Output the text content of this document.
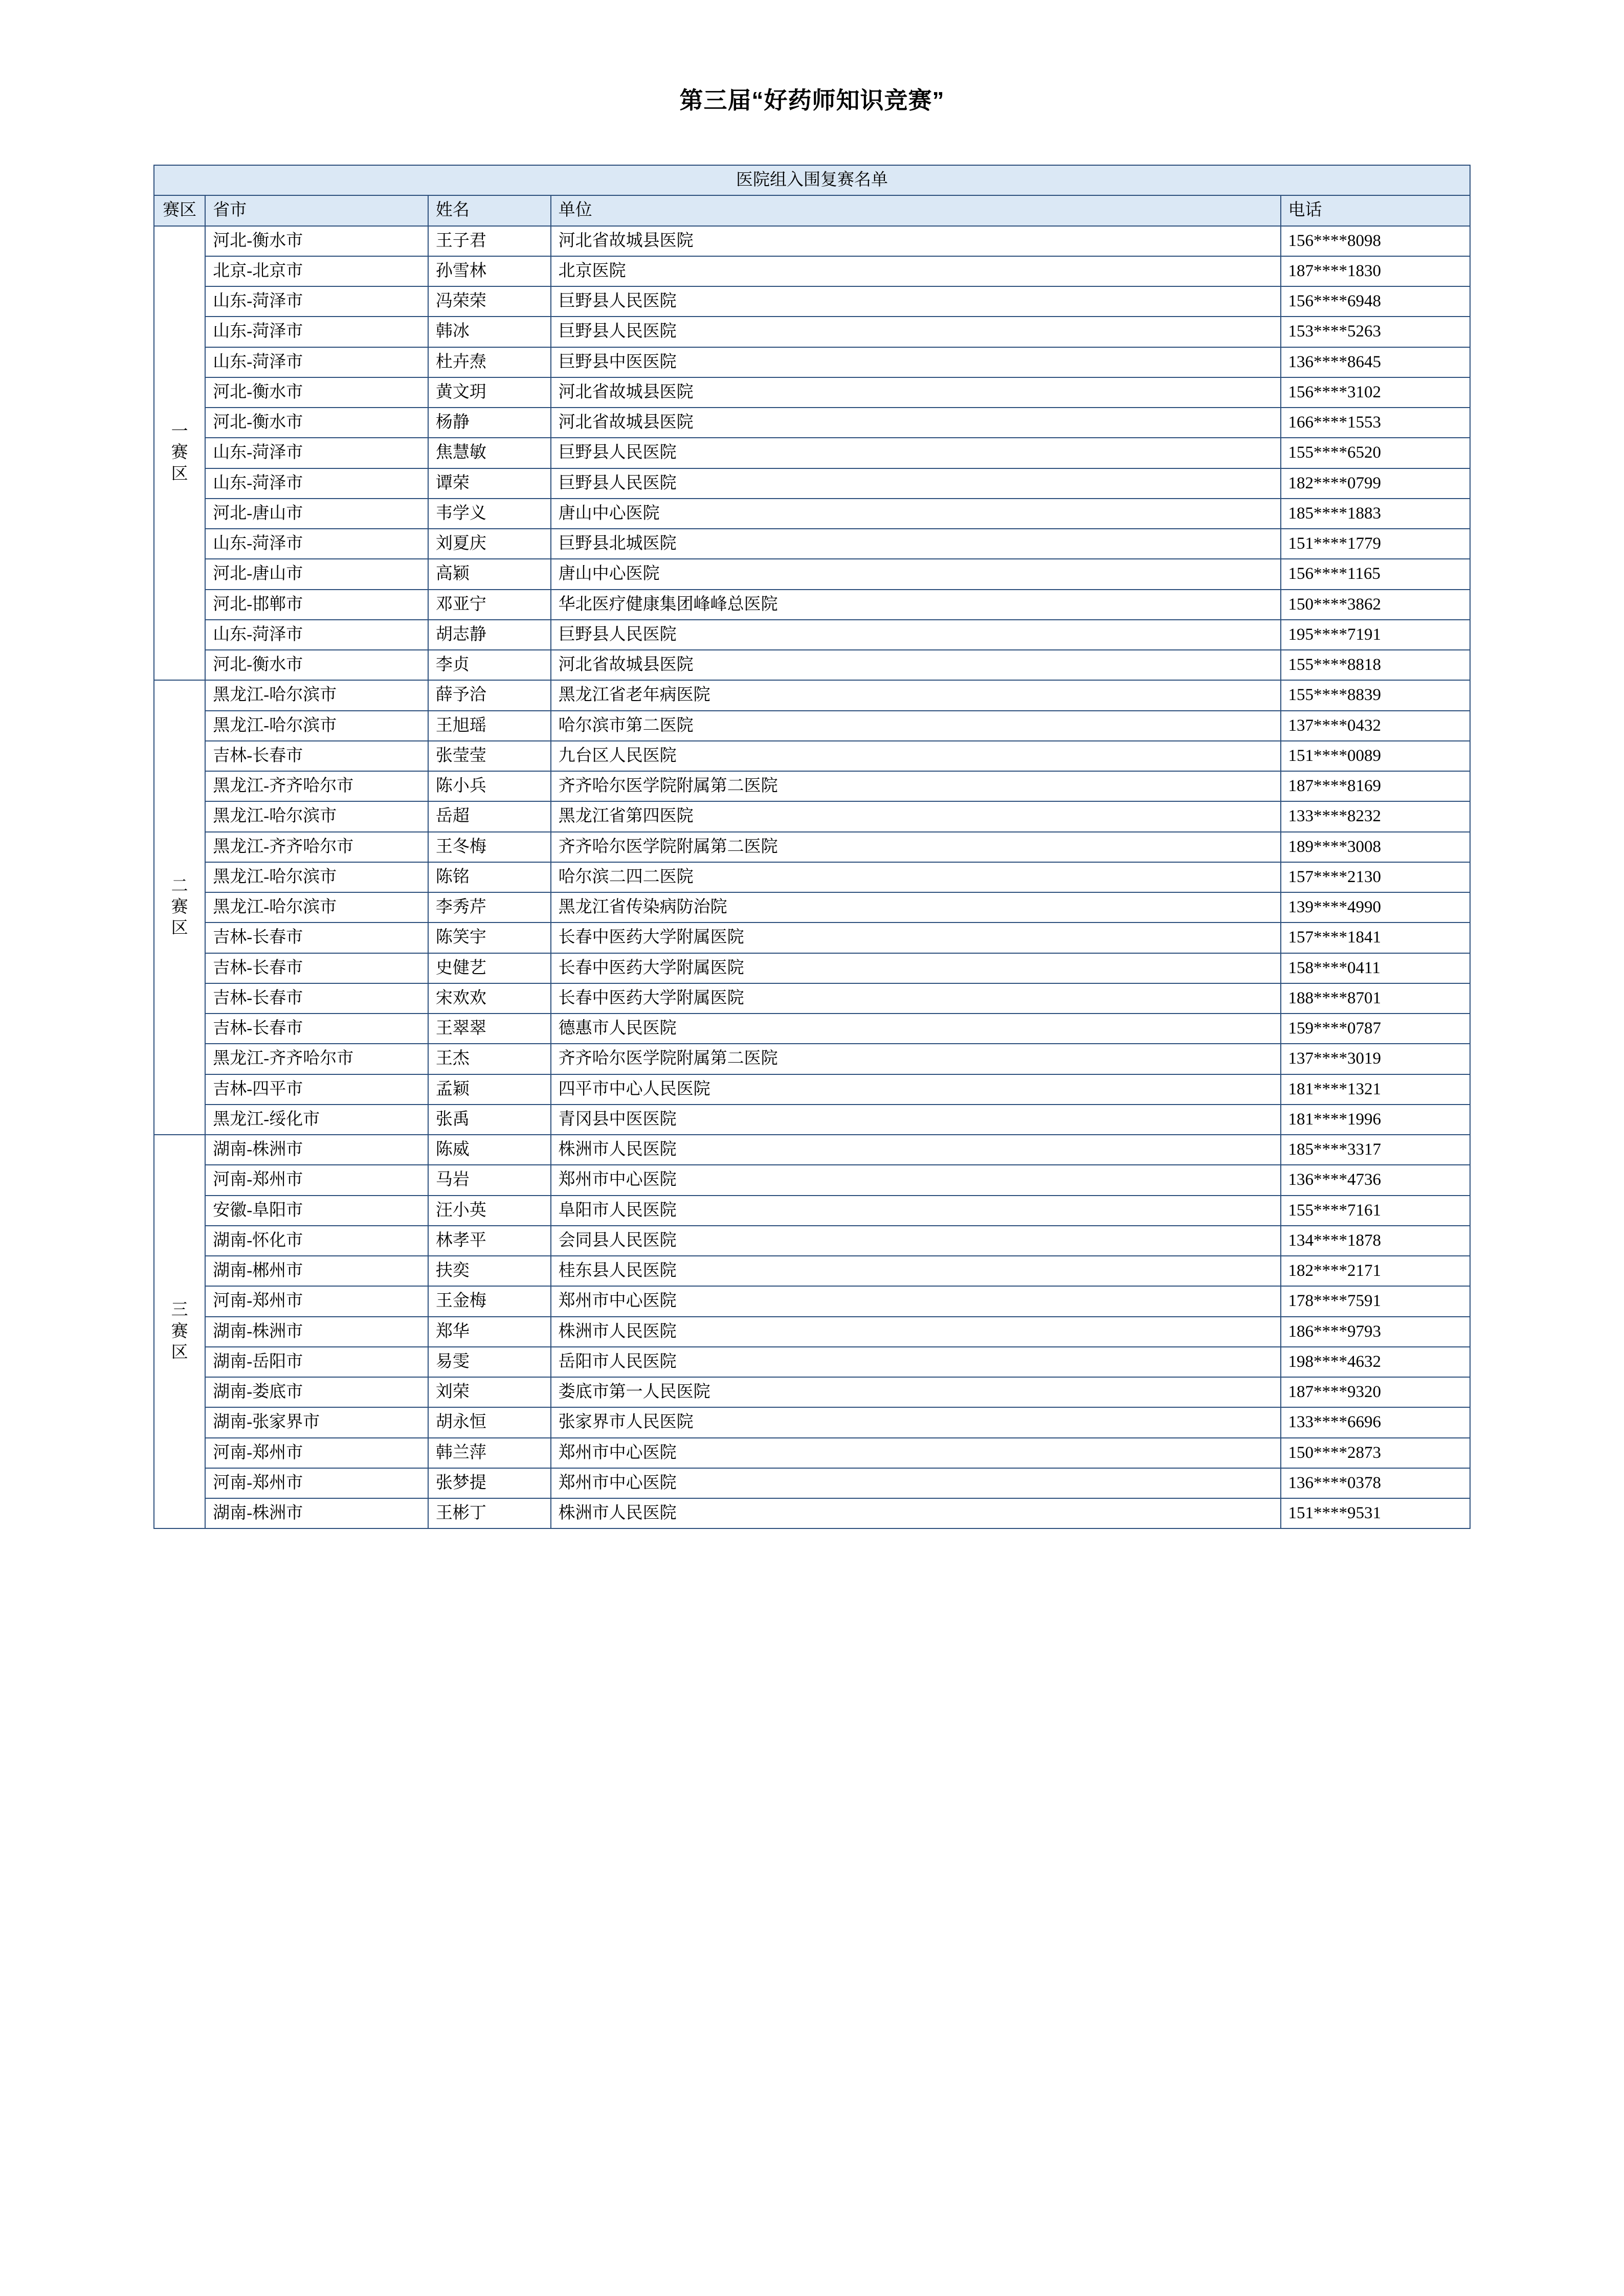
第三届“好药师知识竞赛”
医院组入围复赛名单				
赛区	省市	姓名	单位	电话
一赛区	河北-衡水市	王子君	河北省故城县医院	156****8098
	北京-北京市	孙雪林	北京医院	187****1830
	山东-菏泽市	冯荣荣	巨野县人民医院	156****6948
	山东-菏泽市	韩冰	巨野县人民医院	153****5263
	山东-菏泽市	杜卉焘	巨野县中医医院	136****8645
	河北-衡水市	黄文玥	河北省故城县医院	156****3102
	河北-衡水市	杨静	河北省故城县医院	166****1553
	山东-菏泽市	焦慧敏	巨野县人民医院	155****6520
	山东-菏泽市	谭荣	巨野县人民医院	182****0799
	河北-唐山市	韦学义	唐山中心医院	185****1883
	山东-菏泽市	刘夏庆	巨野县北城医院	151****1779
	河北-唐山市	高颖	唐山中心医院	156****1165
	河北-邯郸市	邓亚宁	华北医疗健康集团峰峰总医院	150****3862
	山东-菏泽市	胡志静	巨野县人民医院	195****7191
	河北-衡水市	李贞	河北省故城县医院	155****8818
二赛区	黑龙江-哈尔滨市	薛予洽	黑龙江省老年病医院	155****8839
	黑龙江-哈尔滨市	王旭瑶	哈尔滨市第二医院	137****0432
	吉林-长春市	张莹莹	九台区人民医院	151****0089
	黑龙江-齐齐哈尔市	陈小兵	齐齐哈尔医学院附属第二医院	187****8169
	黑龙江-哈尔滨市	岳超	黑龙江省第四医院	133****8232
	黑龙江-齐齐哈尔市	王冬梅	齐齐哈尔医学院附属第二医院	189****3008
	黑龙江-哈尔滨市	陈铭	哈尔滨二四二医院	157****2130
	黑龙江-哈尔滨市	李秀芹	黑龙江省传染病防治院	139****4990
	吉林-长春市	陈笑宇	长春中医药大学附属医院	157****1841
	吉林-长春市	史健艺	长春中医药大学附属医院	158****0411
	吉林-长春市	宋欢欢	长春中医药大学附属医院	188****8701
	吉林-长春市	王翠翠	德惠市人民医院	159****0787
	黑龙江-齐齐哈尔市	王杰	齐齐哈尔医学院附属第二医院	137****3019
	吉林-四平市	孟颖	四平市中心人民医院	181****1321
	黑龙江-绥化市	张禹	青冈县中医医院	181****1996
三赛区	湖南-株洲市	陈威	株洲市人民医院	185****3317
	河南-郑州市	马岩	郑州市中心医院	136****4736
	安徽-阜阳市	汪小英	阜阳市人民医院	155****7161
	湖南-怀化市	林孝平	会同县人民医院	134****1878
	湖南-郴州市	扶奕	桂东县人民医院	182****2171
	河南-郑州市	王金梅	郑州市中心医院	178****7591
	湖南-株洲市	郑华	株洲市人民医院	186****9793
	湖南-岳阳市	易雯	岳阳市人民医院	198****4632
	湖南-娄底市	刘荣	娄底市第一人民医院	187****9320
	湖南-张家界市	胡永恒	张家界市人民医院	133****6696
	河南-郑州市	韩兰萍	郑州市中心医院	150****2873
	河南-郑州市	张梦提	郑州市中心医院	136****0378
	湖南-株洲市	王彬丁	株洲市人民医院	151****9531
